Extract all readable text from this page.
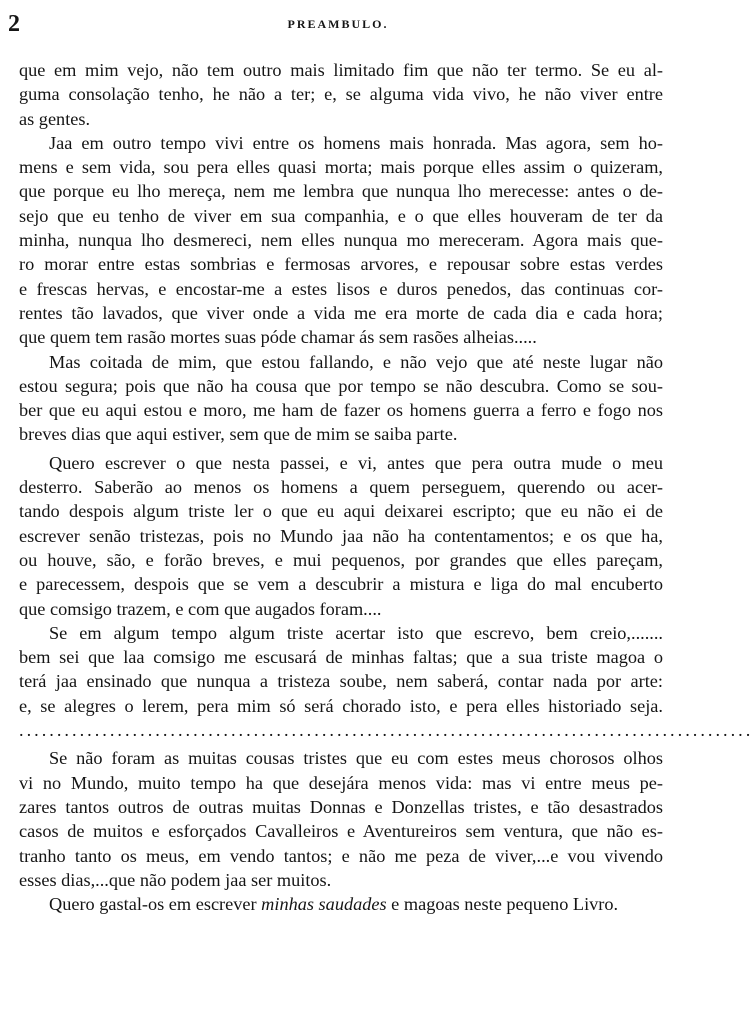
2	PREAMBULO.
que em mim vejo, não tem outro mais limitado fim que não ter termo. Se eu al-
guma consolação tenho, he não a ter; e, se alguma vida vivo, he não viver entre
as gentes.
Jaa em outro tempo vivi entre os homens mais honrada. Mas agora, sem ho-
mens e sem vida, sou pera elles quasi morta; mais porque elles assim o quizeram,
que porque eu lho mereça, nem me lembra que nunqua lho merecesse: antes o de-
sejo que eu tenho de viver em sua companhia, e o que elles houveram de ter da
minha, nunqua lho desmereci, nem elles nunqua mo mereceram. Agora mais que-
ro morar entre estas sombrias e fermosas arvores, e repousar sobre estas verdes
e frescas hervas, e encostar-me a estes lisos e duros penedos, das continuas cor-
rentes tão lavados, que viver onde a vida me era morte de cada dia e cada hora;
que quem tem rasão mortes suas póde chamar ás sem rasões alheias.....
Mas coitada de mim, que estou fallando, e não vejo que até neste lugar não
estou segura; pois que não ha cousa que por tempo se não descubra. Como se sou-
ber que eu aqui estou e moro, me ham de fazer os homens guerra a ferro e fogo nos
breves dias que aqui estiver, sem que de mim se saiba parte.
Quero escrever o que nesta passei, e vi, antes que pera outra mude o meu
desterro. Saberão ao menos os homens a quem perseguem, querendo ou acer-
tando despois algum triste ler o que eu aqui deixarei escripto; que eu não ei de
escrever senão tristezas, pois no Mundo jaa não ha contentamentos; e os que ha,
ou houve, são, e forão breves, e mui pequenos, por grandes que elles pareçam,
e parecessem, despois que se vem a descubrir a mistura e liga do mal encuberto
que comsigo trazem, e com que augados foram....
Se em algum tempo algum triste acertar isto que escrevo, bem creio,.......
bem sei que laa comsigo me escusará de minhas faltas; que a sua triste magoa o
terá jaa ensinado que nunqua a tristeza soube, nem saberá, contar nada por arte:
e, se alegres o lerem, pera mim só será chorado isto, e pera elles historiado seja.
.................................................................................................
Se não foram as muitas cousas tristes que eu com estes meus chorosos olhos
vi no Mundo, muito tempo ha que desejára menos vida: mas vi entre meus pe-
zares tantos outros de outras muitas Donnas e Donzellas tristes, e tão desastrados
casos de muitos e esforçados Cavalleiros e Aventureiros sem ventura, que não es-
tranho tanto os meus, em vendo tantos; e não me peza de viver,...e vou vivendo
esses dias,...que não podem jaa ser muitos.
Quero gastal-os em escrever minhas saudades e magoas neste pequeno Livro.
